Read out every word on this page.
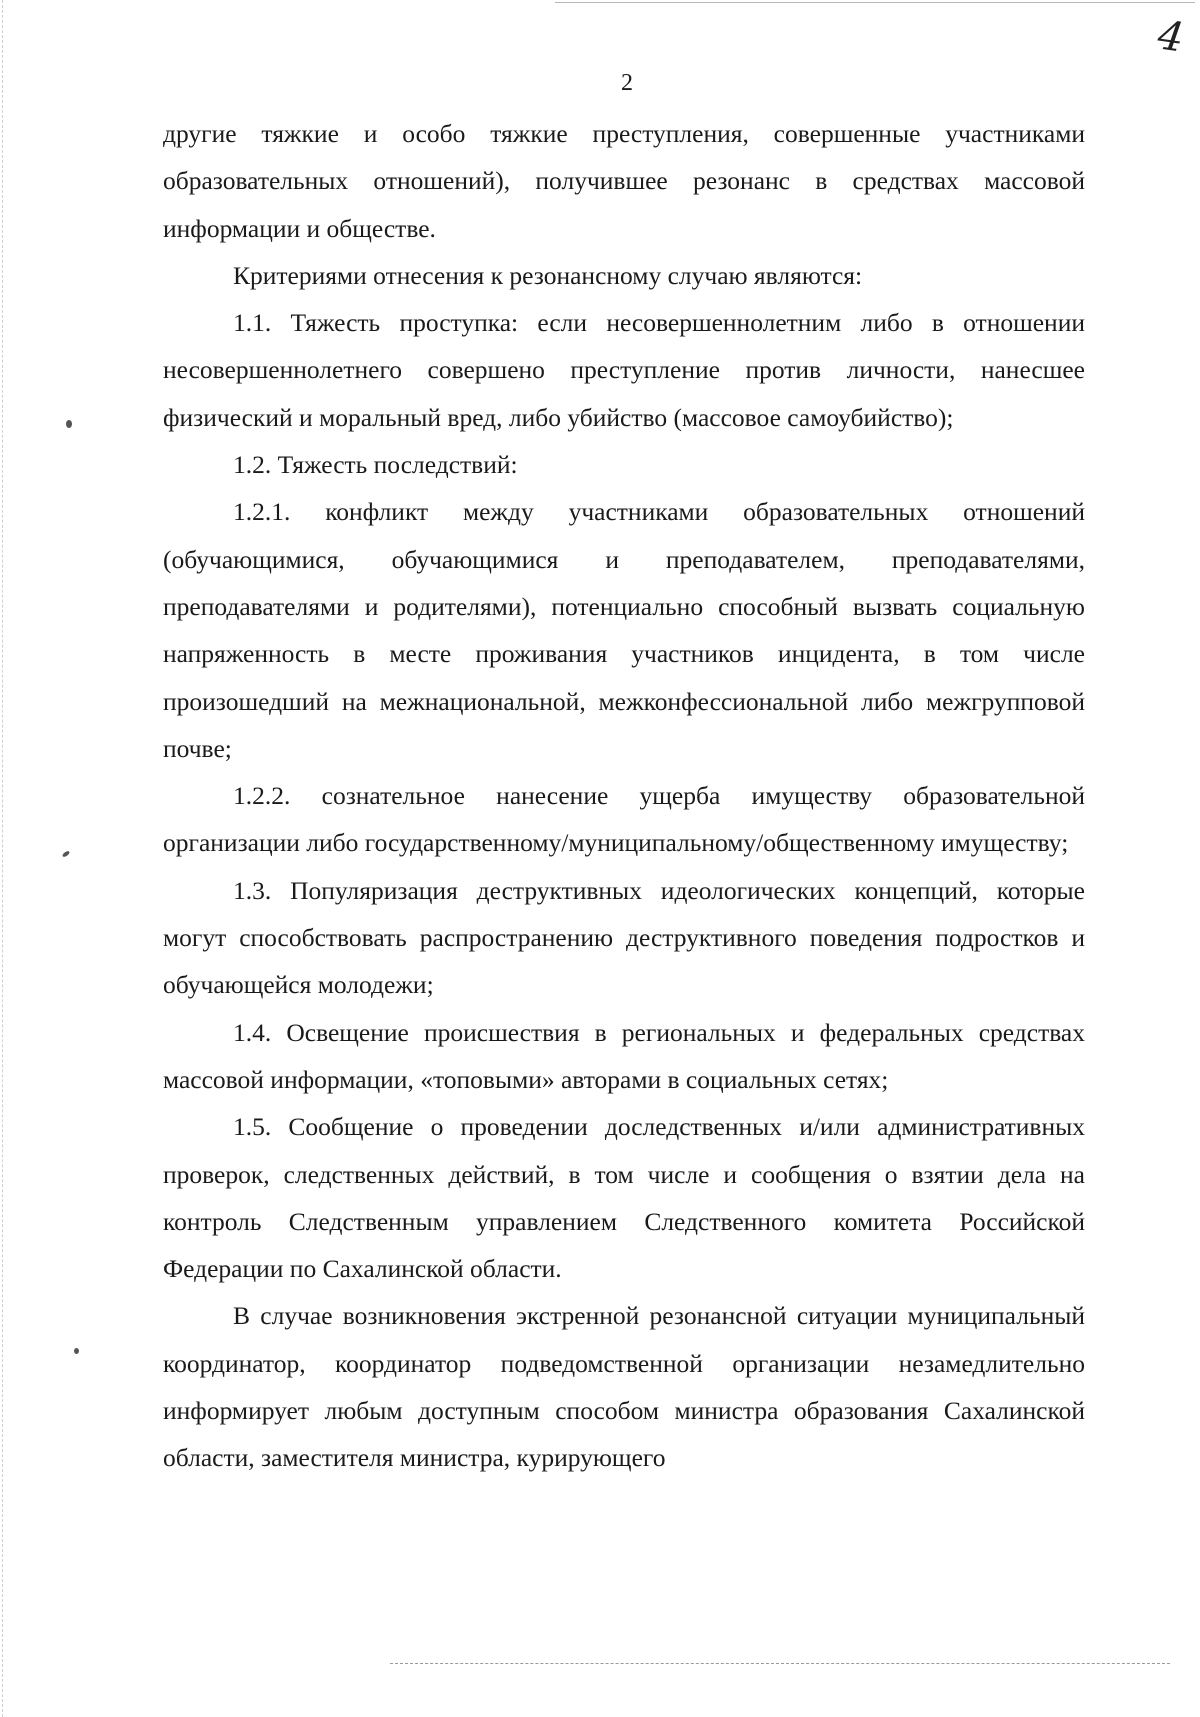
4
2

другие тяжкие и особо тяжкие преступления, совершенные участниками образовательных отношений), получившее резонанс в средствах массовой информации и обществе.

Критериями отнесения к резонансному случаю являются:

1.1. Тяжесть проступка: если несовершеннолетним либо в отношении несовершеннолетнего совершено преступление против личности, нанесшее физический и моральный вред, либо убийство (массовое самоубийство);

1.2. Тяжесть последствий:

1.2.1. конфликт между участниками образовательных отношений (обучающимися, обучающимися и преподавателем, преподавателями, преподавателями и родителями), потенциально способный вызвать социальную напряженность в месте проживания участников инцидента, в том числе произошедший на межнациональной, межконфессиональной либо межгрупповой почве;

1.2.2. сознательное нанесение ущерба имуществу образовательной организации либо государственному/муниципальному/общественному имуществу;

1.3. Популяризация деструктивных идеологических концепций, которые могут способствовать распространению деструктивного поведения подростков и обучающейся молодежи;

1.4. Освещение происшествия в региональных и федеральных средствах массовой информации, «топовыми» авторами в социальных сетях;

1.5. Сообщение о проведении доследственных и/или административных проверок, следственных действий, в том числе и сообщения о взятии дела на контроль Следственным управлением Следственного комитета Российской Федерации по Сахалинской области.

В случае возникновения экстренной резонансной ситуации муниципальный координатор, координатор подведомственной организации незамедлительно информирует любым доступным способом министра образования Сахалинской области, заместителя министра, курирующего
